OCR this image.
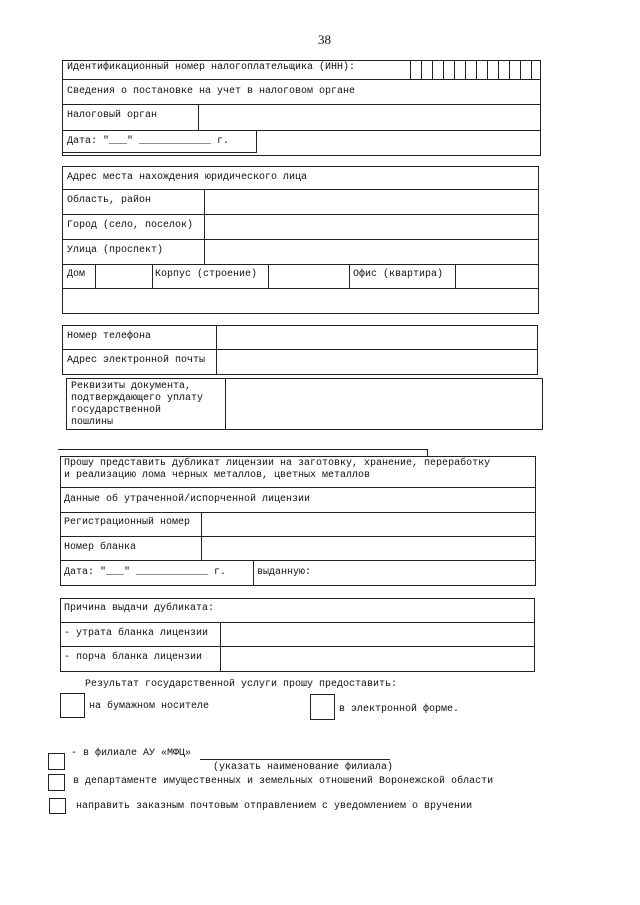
38
Идентификационный номер налогоплательщика (ИНН):
Сведения о постановке на учет в налоговом органе
Налоговый орган
Дата: "___" ____________ г.
Адрес места нахождения юридического лица
Область, район
Город (село, поселок)
Улица (проспект)
Дом	Корпус (строение)	Офис (квартира)
Номер телефона
Адрес электронной почты
Реквизиты документа,
подтверждающего уплату
государственной
пошлины
Прошу представить дубликат лицензии на заготовку, хранение, переработку
и реализацию лома черных металлов, цветных металлов
Данные об утраченной/испорченной лицензии
Регистрационный номер
Номер бланка
Дата: "___" ____________ г.	выданную:
Причина выдачи дубликата:
- утрата бланка лицензии
- порча бланка лицензии
Результат государственной услуги прошу предоставить:
на бумажном носителе	в электронной форме.
- в филиале АУ «МФЦ»
(указать наименование филиала)
в департаменте имущественных и земельных отношений Воронежской области
направить заказным почтовым отправлением с уведомлением о вручении
